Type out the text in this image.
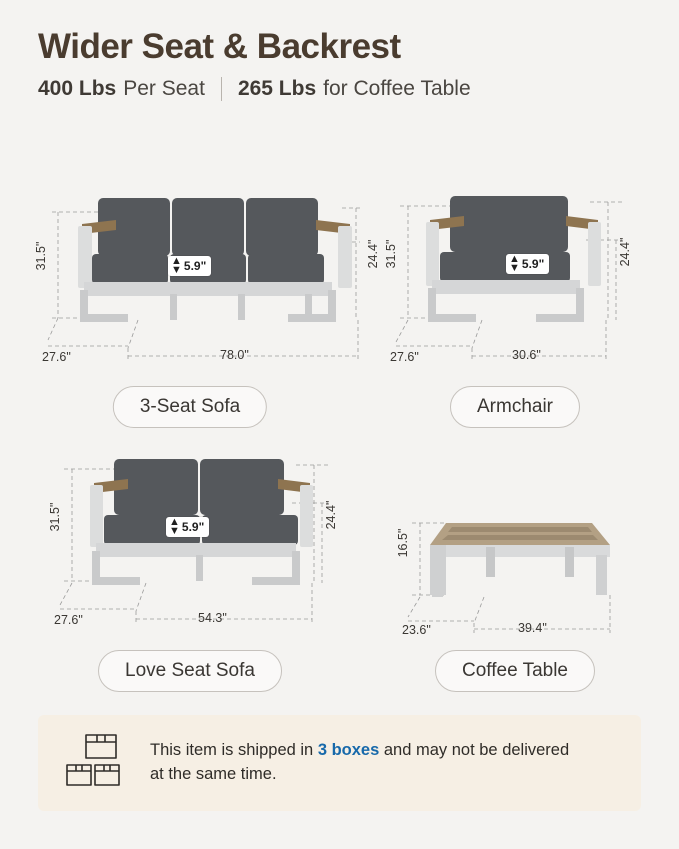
Wider Seat & Backrest
400 Lbs Per Seat 265 Lbs for Coffee Table
31.5"
27.6"	78.0"
24.4"
▲
▼ 5.9"
3-Seat Sofa
31.5"
27.6"	30.6"
24.4"
▲
▼ 5.9"
Armchair
31.5"
27.6"	54.3"
24.4"
▲
▼ 5.9"
Love Seat Sofa
16.5"
23.6"	39.4"
Coffee Table
This item is shipped in 3 boxes and may not be delivered at the same time.
